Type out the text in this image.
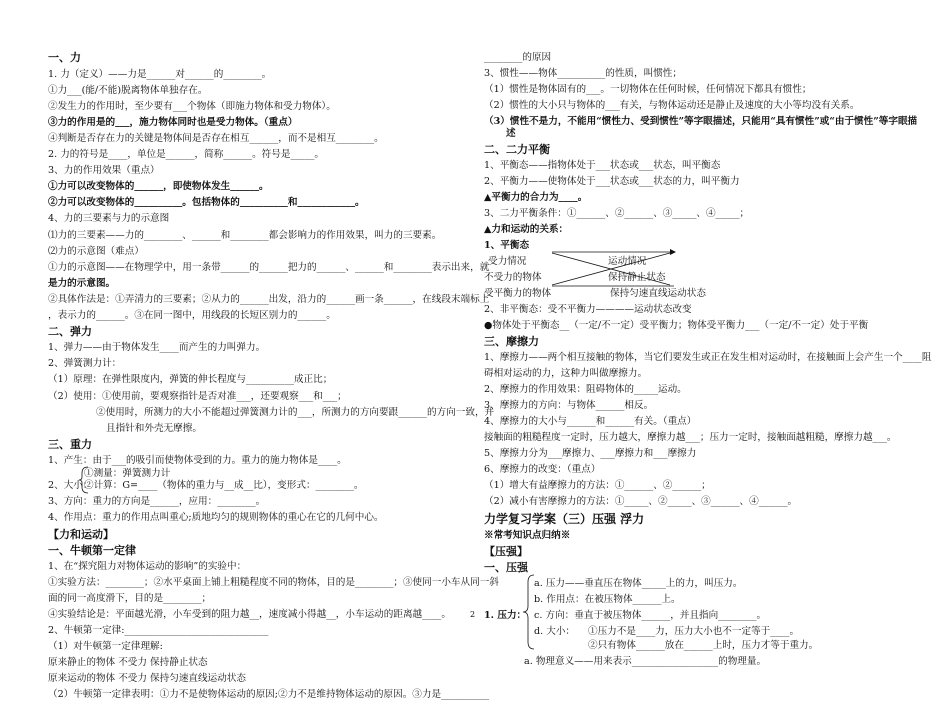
一、力
1. 力（定义）——力是______对______的________。
①力___(能/不能)脱离物体单独存在。
②发生力的作用时，至少要有___个物体（即施力物体和受力物体）。
③力的作用是的___，施力物体同时也是受力物体。（重点）
④判断是否存在力的关键是物体间是否存在相互______，而不是相互________。
2. 力的符号是____，单位是______，简称______。符号是_____。
3、力的作用效果（重点）
①力可以改变物体的______，即使物体发生______。
②力可以改变物体的__________。包括物体的__________和____________。
4、力的三要素与力的示意图
⑴力的三要素——力的________、______和________都会影响力的作用效果，叫力的三要素。
⑵力的示意图（难点）
①力的示意图——在物理学中，用一条带______的______把力的______、______和________表示出来，就
是力的示意图。
②具体作法是：①弄清力的三要素；②从力的______出发，沿力的______画一条______，在线段末端标上
，表示力的______。③在同一图中，用线段的长短区别力的______。
二、弹力
1、弹力——由于物体发生____而产生的力叫弹力。
2、弹簧测力计：
（1）原理：在弹性限度内，弹簧的伸长程度与__________成正比；
（2）使用：①使用前，要观察指针是否对准___，还要观察___和___；
②使用时，所测力的大小不能超过弹簧测力计的___，所测力的方向要跟______的方向一致，并
且指针和外壳无摩擦。
三、重力
1、产生：由于___的吸引而使物体受到的力。重力的施力物体是____。
①测量：弹簧测力计
2、大小：
②计算：G=____（物体的重力与__成__比），变形式：________。
3、方向：重力的方向是______，应用：________。
4、作用点：重力的作用点叫重心;质地均匀的规则物体的重心在它的几何中心。
【力和运动】
一、牛顿第一定律
1、在“探究阻力对物体运动的影响”的实验中：
①实验方法：________；②水平桌面上铺上粗糙程度不同的物体，目的是________；③使同一小车从同一斜
面的同一高度滑下，目的是________；
④实验结论是：平面越光滑，小车受到的阻力越__，速度减小得越__，小车运动的距离越____。
2、牛顿第一定律:______________________________
（1）对牛顿第一定律理解:
原来静止的物体 不受力 保持静止状态
原来运动的物体 不受力 保持匀速直线运动状态
（2）牛顿第一定律表明：①力不是使物体运动的原因;②力不是维持物体运动的原因。③力是__________
________的原因
3、惯性——物体__________的性质，叫惯性；
（1）惯性是物体固有的___。一切物体在任何时候，任何情况下都具有惯性；
（2）惯性的大小只与物体的___有关，与物体运动还是静止及速度的大小等均没有关系。
（3）惯性不是力，不能用“惯性力、受到惯性”等字眼描述，只能用“具有惯性”或“由于惯性”等字眼描
述
二、二力平衡
1、平衡态——指物体处于___状态或___状态，叫平衡态
2、平衡力——使物体处于___状态或___状态的力，叫平衡力
▲平衡力的合力为____。
3、二力平衡条件：①______、②______、③_____、④_____；
▲力和运动的关系：
1、平衡态
受力情况	运动情况
不受力的物体	保持静止状态
受平衡力的物体	保持匀速直线运动状态
2、非平衡态：受不平衡力————运动状态改变
●物体处于平衡态__（一定/不一定）受平衡力；物体受平衡力___（一定/不一定）处于平衡
三、摩擦力
1、摩擦力——两个相互接触的物体，当它们要发生或正在发生相对运动时，在接触面上会产生一个____阻
碍相对运动的力，这种力叫做摩擦力。
2、摩擦力的作用效果：阻碍物体的_____运动。
3、摩擦力的方向：与物体______相反。
4、摩擦力的大小与______和______有关。（重点）
接触面的粗糙程度一定时，压力越大，摩擦力越___；压力一定时，接触面越粗糙，摩擦力越___。
5、摩擦力分为___摩擦力、___摩擦力和___摩擦力
6、摩擦力的改变：（重点）
（1）增大有益摩擦力的方法：①______、②______；
（2）减小有害摩擦力的方法：①_____、②_____、③______、④______。
力学复习学案（三）压强 浮力
※常考知识点归纳※
【压强】
一、压强
a. 压力——垂直压在物体_____上的力，叫压力。
b. 作用点：在被压物体______上。
1. 压力： c. 方向：垂直于被压物体______，并且指向________。
d. 大小： ①压力不是____力，压力大小也不一定等于____。
②只有物体______放在______上时，压力才等于重力。
a. 物理意义——用来表示__________________的物理量。
2
